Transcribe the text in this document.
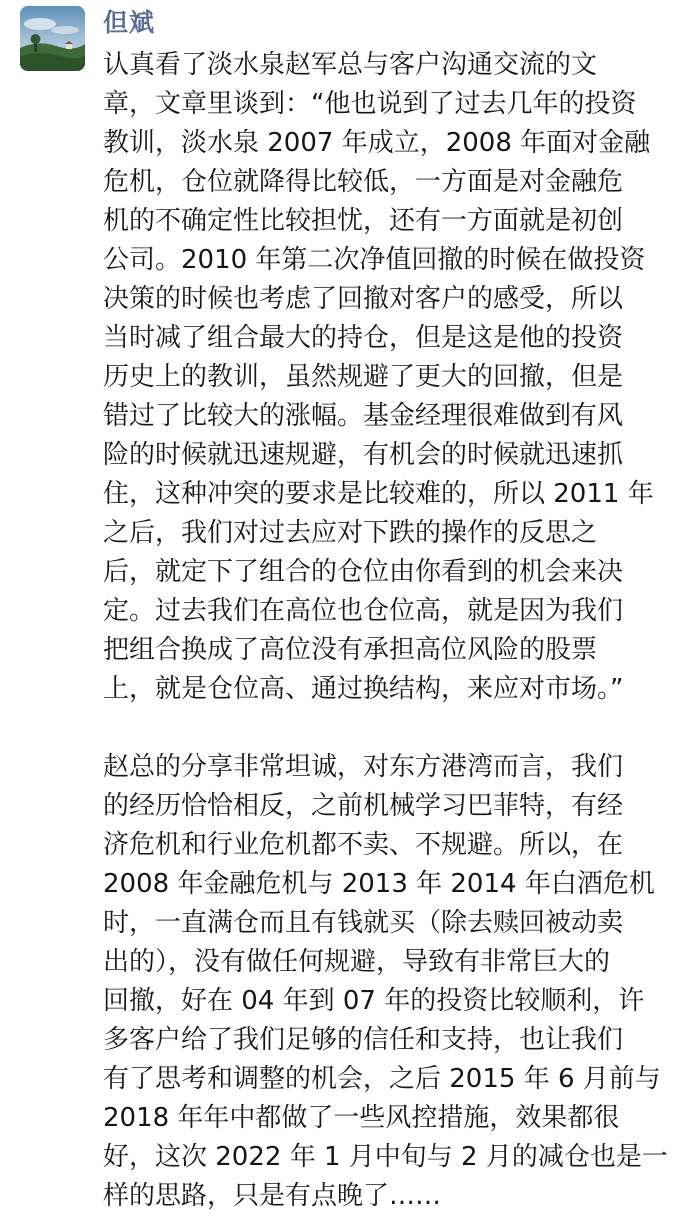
但斌

认真看了淡水泉赵军总与客户沟通交流的文
章，文章里谈到：“他也说到了过去几年的投资
教训，淡水泉 2007 年成立，2008 年面对金融
危机，仓位就降得比较低，一方面是对金融危
机的不确定性比较担忧，还有一方面就是初创
公司。2010 年第二次净值回撤的时候在做投资
决策的时候也考虑了回撤对客户的感受，所以
当时减了组合最大的持仓，但是这是他的投资
历史上的教训，虽然规避了更大的回撤，但是
错过了比较大的涨幅。基金经理很难做到有风
险的时候就迅速规避，有机会的时候就迅速抓
住，这种冲突的要求是比较难的，所以 2011 年
之后，我们对过去应对下跌的操作的反思之
后，就定下了组合的仓位由你看到的机会来决
定。过去我们在高位也仓位高，就是因为我们
把组合换成了高位没有承担高位风险的股票
上，就是仓位高、通过换结构，来应对市场。”

赵总的分享非常坦诚，对东方港湾而言，我们
的经历恰恰相反，之前机械学习巴菲特，有经
济危机和行业危机都不卖、不规避。所以，在
2008 年金融危机与 2013 年 2014 年白酒危机
时，一直满仓而且有钱就买（除去赎回被动卖
出的），没有做任何规避，导致有非常巨大的
回撤，好在 04 年到 07 年的投资比较顺利，许
多客户给了我们足够的信任和支持，也让我们
有了思考和调整的机会，之后 2015 年 6 月前与
2018 年年中都做了一些风控措施，效果都很
好，这次 2022 年 1 月中旬与 2 月的减仓也是一
样的思路，只是有点晚了……
